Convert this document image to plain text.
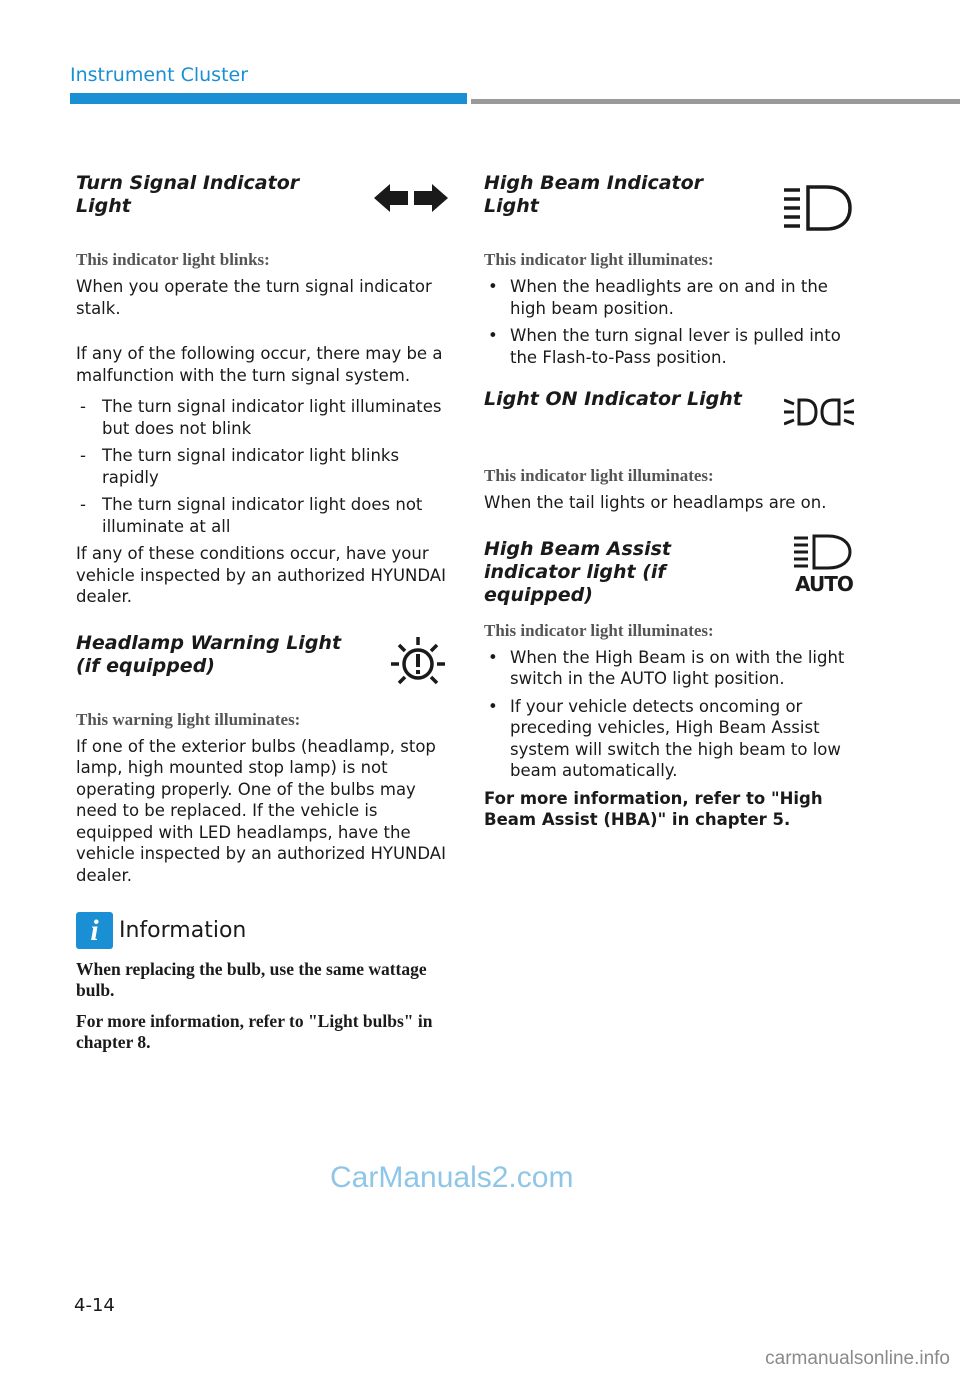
Instrument Cluster
Turn Signal Indicator Light

This indicator light blinks:

When you operate the turn signal indicator stalk.

If any of the following occur, there may be a malfunction with the turn signal system.

- The turn signal indicator light illuminates but does not blink
- The turn signal indicator light blinks rapidly
- The turn signal indicator light does not illuminate at all

If any of these conditions occur, have your vehicle inspected by an authorized HYUNDAI dealer.

Headlamp Warning Light (if equipped)

This warning light illuminates:

If one of the exterior bulbs (headlamp, stop lamp, high mounted stop lamp) is not operating properly. One of the bulbs may need to be replaced. If the vehicle is equipped with LED headlamps, have the vehicle inspected by an authorized HYUNDAI dealer.

i Information

When replacing the bulb, use the same wattage bulb.

For more information, refer to "Light bulbs" in chapter 8.

High Beam Indicator Light

This indicator light illuminates:

• When the headlights are on and in the high beam position.
• When the turn signal lever is pulled into the Flash-to-Pass position.
Light ON Indicator Light

This indicator light illuminates:

When the tail lights or headlamps are on.

High Beam Assist indicator light (if equipped)	AUTO

This indicator light illuminates:

• When the High Beam is on with the light switch in the AUTO light position.
• If your vehicle detects oncoming or preceding vehicles, High Beam Assist system will switch the high beam to low beam automatically.

For more information, refer to "High Beam Assist (HBA)" in chapter 5.

CarManuals2.com
4-14
carmanualsonline.info
